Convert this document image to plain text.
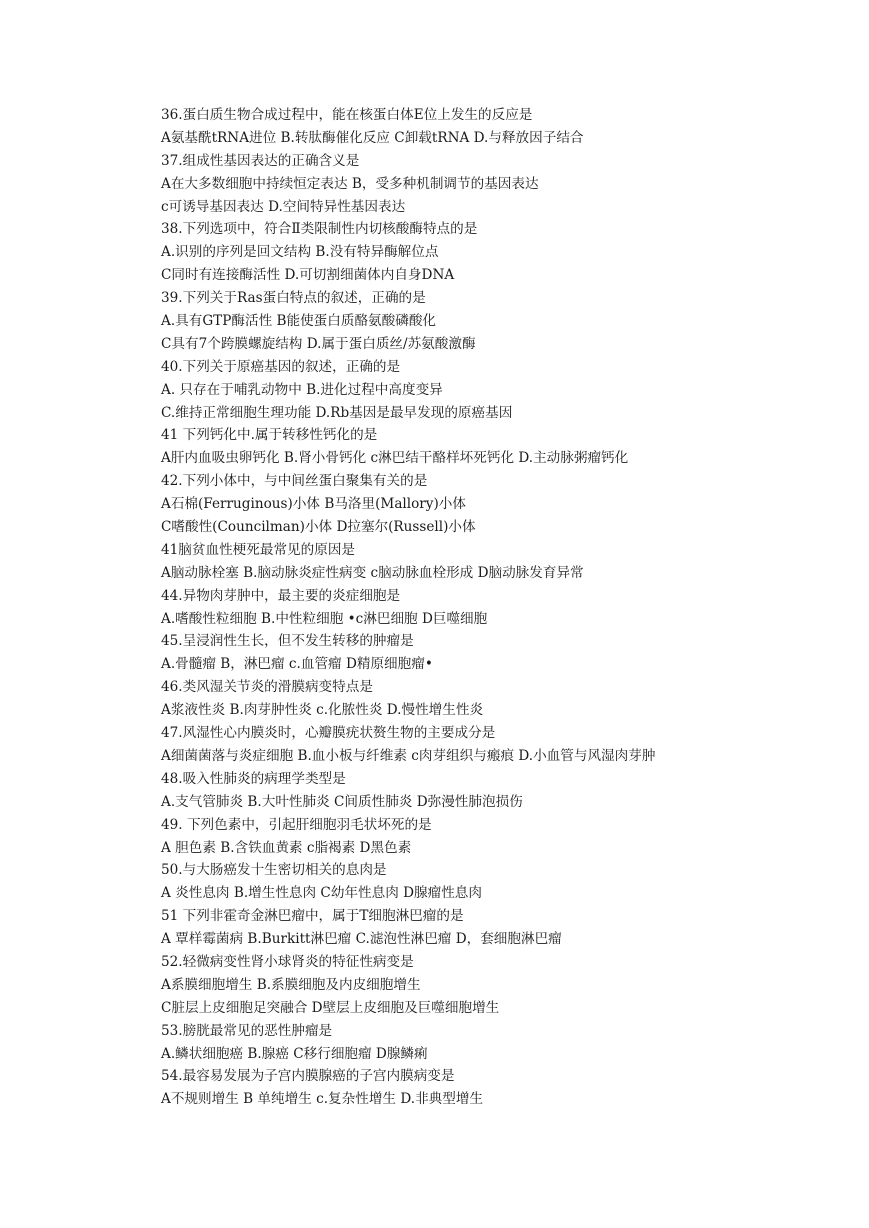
36.蛋白质生物合成过程中，能在核蛋白体E位上发生的反应是
A氨基酰tRNA进位 B.转肽酶催化反应 C卸载tRNA D.与释放因子结合
37.组成性基因表达的正确含义是
A在大多数细胞中持续恒定表达 B，受多种机制调节的基因表达
c可诱导基因表达 D.空间特异性基因表达
38.下列选项中，符合Ⅱ类限制性内切核酸酶特点的是
A.识别的序列是回文结构 B.没有特异酶解位点
C同时有连接酶活性 D.可切割细菌体内自身DNA
39.下列关于Ras蛋白特点的叙述，正确的是
A.具有GTP酶活性 B能使蛋白质酪氨酸磷酸化
C具有7个跨膜螺旋结构 D.属于蛋白质丝/苏氨酸激酶
40.下列关于原癌基因的叙述，正确的是
A. 只存在于哺乳动物中 B.进化过程中高度变异
C.维持正常细胞生理功能 D.Rb基因是最早发现的原癌基因
41 下列钙化中.属于转移性钙化的是
A肝内血吸虫卵钙化 B.肾小骨钙化 c淋巴结干酪样坏死钙化 D.主动脉粥瘤钙化
42.下列小体中，与中间丝蛋白聚集有关的是
A石棉(Ferruginous)小体 B马洛里(Mallory)小体
C嗜酸性(Councilman)小体 D拉塞尔(Russell)小体
41脑贫血性梗死最常见的原因是
A脑动脉栓塞 B.脑动脉炎症性病变 c脑动脉血栓形成 D脑动脉发育异常
44.异物肉芽肿中，最主要的炎症细胞是
A.嗜酸性粒细胞 B.中性粒细胞 •c淋巴细胞 D巨噬细胞
45.呈浸润性生长，但不发生转移的肿瘤是
A.骨髓瘤 B，淋巴瘤 c.血管瘤 D精原细胞瘤•
46.类风湿关节炎的滑膜病变特点是
A浆液性炎 B.肉芽肿性炎 c.化脓性炎 D.慢性增生性炎
47.风湿性心内膜炎时，心瓣膜疣状赘生物的主要成分是
A细菌菌落与炎症细胞 B.血小板与纤维素 c肉芽组织与瘢痕 D.小血管与风湿肉芽肿
48.吸入性肺炎的病理学类型是
A.支气管肺炎 B.大叶性肺炎 C间质性肺炎 D弥漫性肺泡损伤
49. 下列色素中，引起肝细胞羽毛状坏死的是
A 胆色素 B.含铁血黄素 c脂褐素 D黑色素
50.与大肠癌发十生密切相关的息肉是
A 炎性息肉 B.增生性息肉 C幼年性息肉 D腺瘤性息肉
51 下列非霍奇金淋巴瘤中，属于T细胞淋巴瘤的是
A 覃样霉菌病 B.Burkitt淋巴瘤 C.滤泡性淋巴瘤 D，套细胞淋巴瘤
52.轻微病变性肾小球肾炎的特征性病变是
A系膜细胞增生 B.系膜细胞及内皮细胞增生
C脏层上皮细胞足突融合 D壁层上皮细胞及巨噬细胞增生
53.膀胱最常见的恶性肿瘤是
A.鳞状细胞癌 B.腺癌 C移行细胞瘤 D腺鳞痢
54.最容易发展为子宫内膜腺癌的子宫内膜病变是
A不规则增生 B 单纯增生 c.复杂性增生 D.非典型增生
